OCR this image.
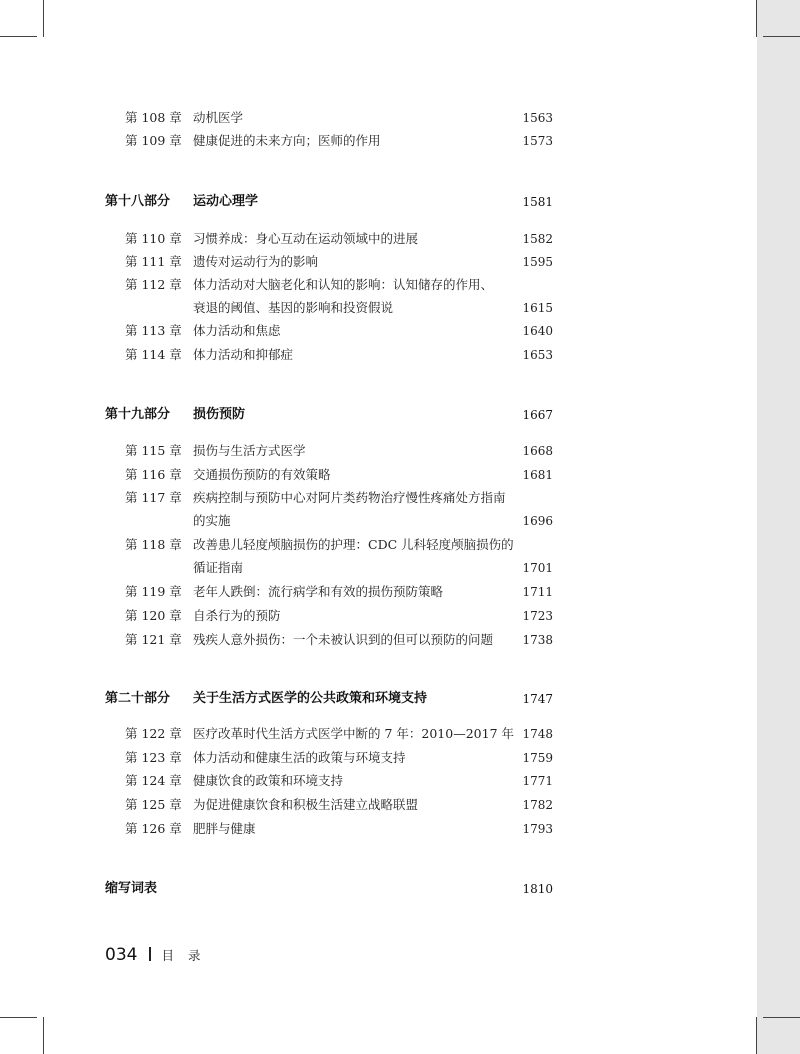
第 108 章 动机医学	1563
第 109 章 健康促进的未来方向；医师的作用	1573
第十八部分 运动心理学	1581
第 110 章 习惯养成：身心互动在运动领域中的进展	1582
第 111 章 遗传对运动行为的影响	1595
第 112 章 体力活动对大脑老化和认知的影响：认知储存的作用、
衰退的阈值、基因的影响和投资假说	1615
第 113 章 体力活动和焦虑	1640
第 114 章 体力活动和抑郁症	1653
第十九部分 损伤预防	1667
第 115 章 损伤与生活方式医学	1668
第 116 章 交通损伤预防的有效策略	1681
第 117 章 疾病控制与预防中心对阿片类药物治疗慢性疼痛处方指南
的实施	1696
第 118 章 改善患儿轻度颅脑损伤的护理：CDC 儿科轻度颅脑损伤的
循证指南	1701
第 119 章 老年人跌倒：流行病学和有效的损伤预防策略	1711
第 120 章 自杀行为的预防	1723
第 121 章 残疾人意外损伤：一个未被认识到的但可以预防的问题 1738
第二十部分 关于生活方式医学的公共政策和环境支持	1747
第 122 章 医疗改革时代生活方式医学中断的 7 年：2010—2017 年 1748
第 123 章 体力活动和健康生活的政策与环境支持	1759
第 124 章 健康饮食的政策和环境支持	1771
第 125 章 为促进健康饮食和积极生活建立战略联盟	1782
第 126 章 肥胖与健康	1793
缩写词表	1810
034 目录
